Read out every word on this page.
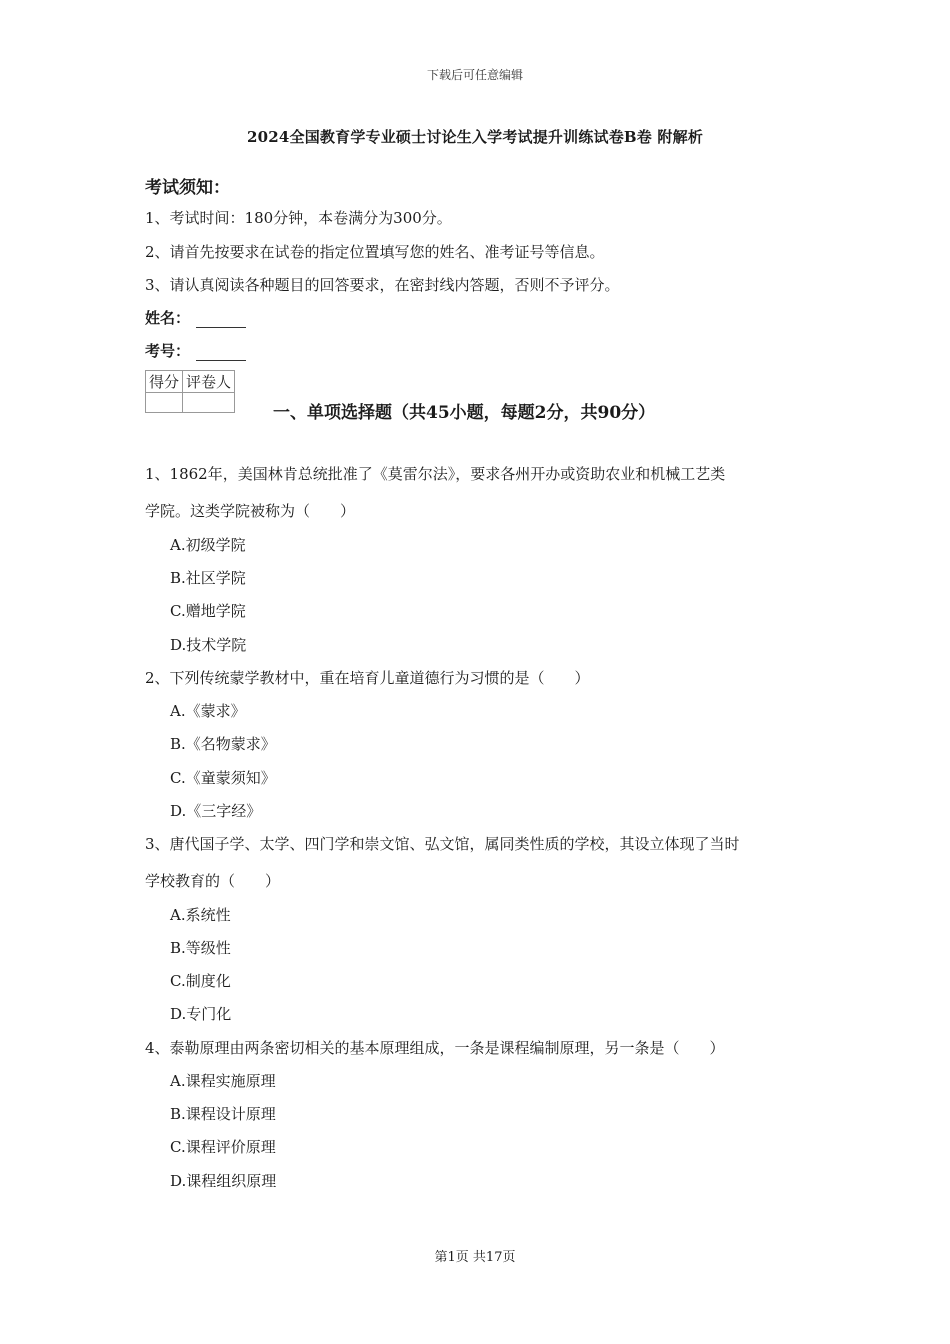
下载后可任意编辑
2024全国教育学专业硕士讨论生入学考试提升训练试卷B卷 附解析
考试须知：
1、考试时间：180分钟，本卷满分为300分。
2、请首先按要求在试卷的指定位置填写您的姓名、准考证号等信息。
3、请认真阅读各种题目的回答要求，在密封线内答题，否则不予评分。
姓名：
考号：
得分	评卷人

一、单项选择题（共45小题，每题2分，共90分）
1、1862年，美国林肯总统批准了《莫雷尔法》，要求各州开办或资助农业和机械工艺类
学院。这类学院被称为（　　）
A.初级学院
B.社区学院
C.赠地学院
D.技术学院
2、下列传统蒙学教材中，重在培育儿童道德行为习惯的是（　　）
A.《蒙求》
B.《名物蒙求》
C.《童蒙须知》
D.《三字经》
3、唐代国子学、太学、四门学和崇文馆、弘文馆，属同类性质的学校，其设立体现了当时
学校教育的（　　）
A.系统性
B.等级性
C.制度化
D.专门化
4、泰勒原理由两条密切相关的基本原理组成，一条是课程编制原理，另一条是（　　）
A.课程实施原理
B.课程设计原理
C.课程评价原理
D.课程组织原理
第1页 共17页
